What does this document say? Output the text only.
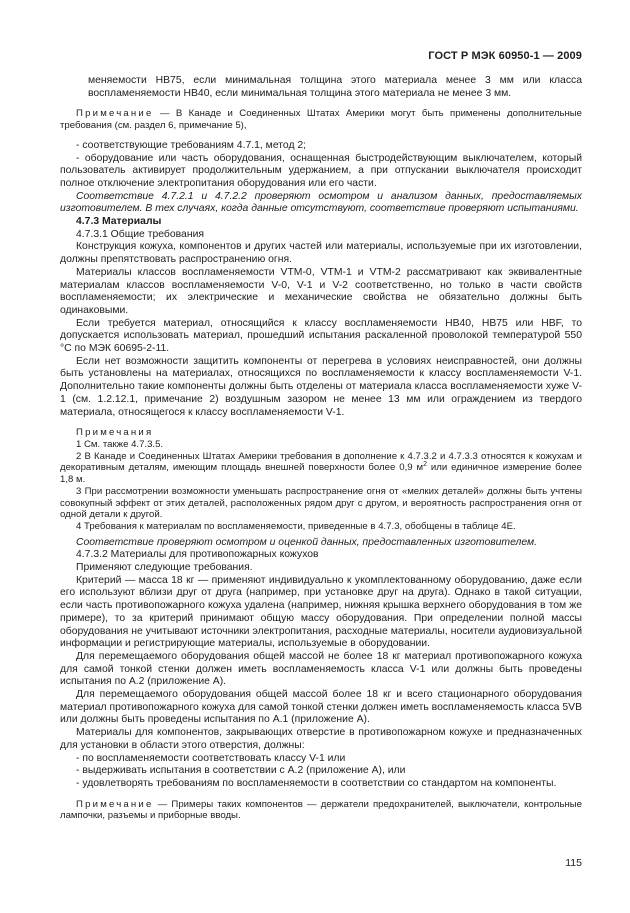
ГОСТ Р МЭК 60950-1 — 2009

меняемости НВ75, если минимальная толщина этого материала менее 3 мм или класса воспламеняемости НВ40, если минимальная толщина этого материала не менее 3 мм.

Примечание — В Канаде и Соединенных Штатах Америки могут быть применены дополнительные требования (см. раздел 6, примечание 5),

- соответствующие требованиям 4.7.1, метод 2;

- оборудование или часть оборудования, оснащенная быстродействующим выключателем, который пользователь активирует продолжительным удержанием, а при отпускании выключателя происходит полное отключение электропитания оборудования или его части.

Соответствие 4.7.2.1 и 4.7.2.2 проверяют осмотром и анализом данных, предоставляемых изготовителем. В тех случаях, когда данные отсутствуют, соответствие проверяют испытаниями.

4.7.3 Материалы

4.7.3.1 Общие требования

Конструкция кожуха, компонентов и других частей или материалы, используемые при их изготовлении, должны препятствовать распространению огня.

Материалы классов воспламеняемости VTM-0, VTM-1 и VTM-2 рассматривают как эквивалентные материалам классов воспламеняемости V-0, V-1 и V-2 соответственно, но только в части свойств воспламеняемости; их электрические и механические свойства не обязательно должны быть одинаковыми.

Если требуется материал, относящийся к классу воспламеняемости НВ40, НВ75 или НВF, то допускается использовать материал, прошедший испытания раскаленной проволокой температурой 550 °С по МЭК 60695-2-11.

Если нет возможности защитить компоненты от перегрева в условиях неисправностей, они должны быть установлены на материалах, относящихся по воспламеняемости к классу воспламеняемости V-1. Дополнительно такие компоненты должны быть отделены от материала класса воспламеняемости хуже V-1 (см. 1.2.12.1, примечание 2) воздушным зазором не менее 13 мм или ограждением из твердого материала, относящегося к классу воспламеняемости V-1.

Примечания

1 См. также 4.7.3.5.

2 В Канаде и Соединенных Штатах Америки требования в дополнение к 4.7.3.2 и 4.7.3.3 относятся к кожухам и декоративным деталям, имеющим площадь внешней поверхности более 0,9 $м^2$ или единичное измерение более 1,8 м.

3 При рассмотрении возможности уменьшать распространение огня от «мелких деталей» должны быть учтены совокупный эффект от этих деталей, расположенных рядом друг с другом, и вероятность распространения огня от одной детали к другой.

4 Требования к материалам по воспламеняемости, приведенные в 4.7.3, обобщены в таблице 4Е.

Соответствие проверяют осмотром и оценкой данных, предоставленных изготовителем.

4.7.3.2 Материалы для противопожарных кожухов

Применяют следующие требования.

Критерий — масса 18 кг — применяют индивидуально к укомплектованному оборудованию, даже если его используют вблизи друг от друга (например, при установке друг на друга). Однако в такой ситуации, если часть противопожарного кожуха удалена (например, нижняя крышка верхнего оборудования в том же примере), то за критерий принимают общую массу оборудования. При определении полной массы оборудования не учитывают источники электропитания, расходные материалы, носители аудиовизуальной информации и регистрирующие материалы, используемые в оборудовании.

Для перемещаемого оборудования общей массой не более 18 кг материал противопожарного кожуха для самой тонкой стенки должен иметь воспламеняемость класса V-1 или должны быть проведены испытания по А.2 (приложение А).

Для перемещаемого оборудования общей массой более 18 кг и всего стационарного оборудования материал противопожарного кожуха для самой тонкой стенки должен иметь воспламеняемость класса 5VB или должны быть проведены испытания по А.1 (приложение А).

Материалы для компонентов, закрывающих отверстие в противопожарном кожухе и предназначенных для установки в области этого отверстия, должны:

- по воспламеняемости соответствовать классу V-1 или

- выдерживать испытания в соответствии с А.2 (приложение А), или

- удовлетворять требованиям по воспламеняемости в соответствии со стандартом на компоненты.

Примечание — Примеры таких компонентов — держатели предохранителей, выключатели, контрольные лампочки, разъемы и приборные вводы.

115
